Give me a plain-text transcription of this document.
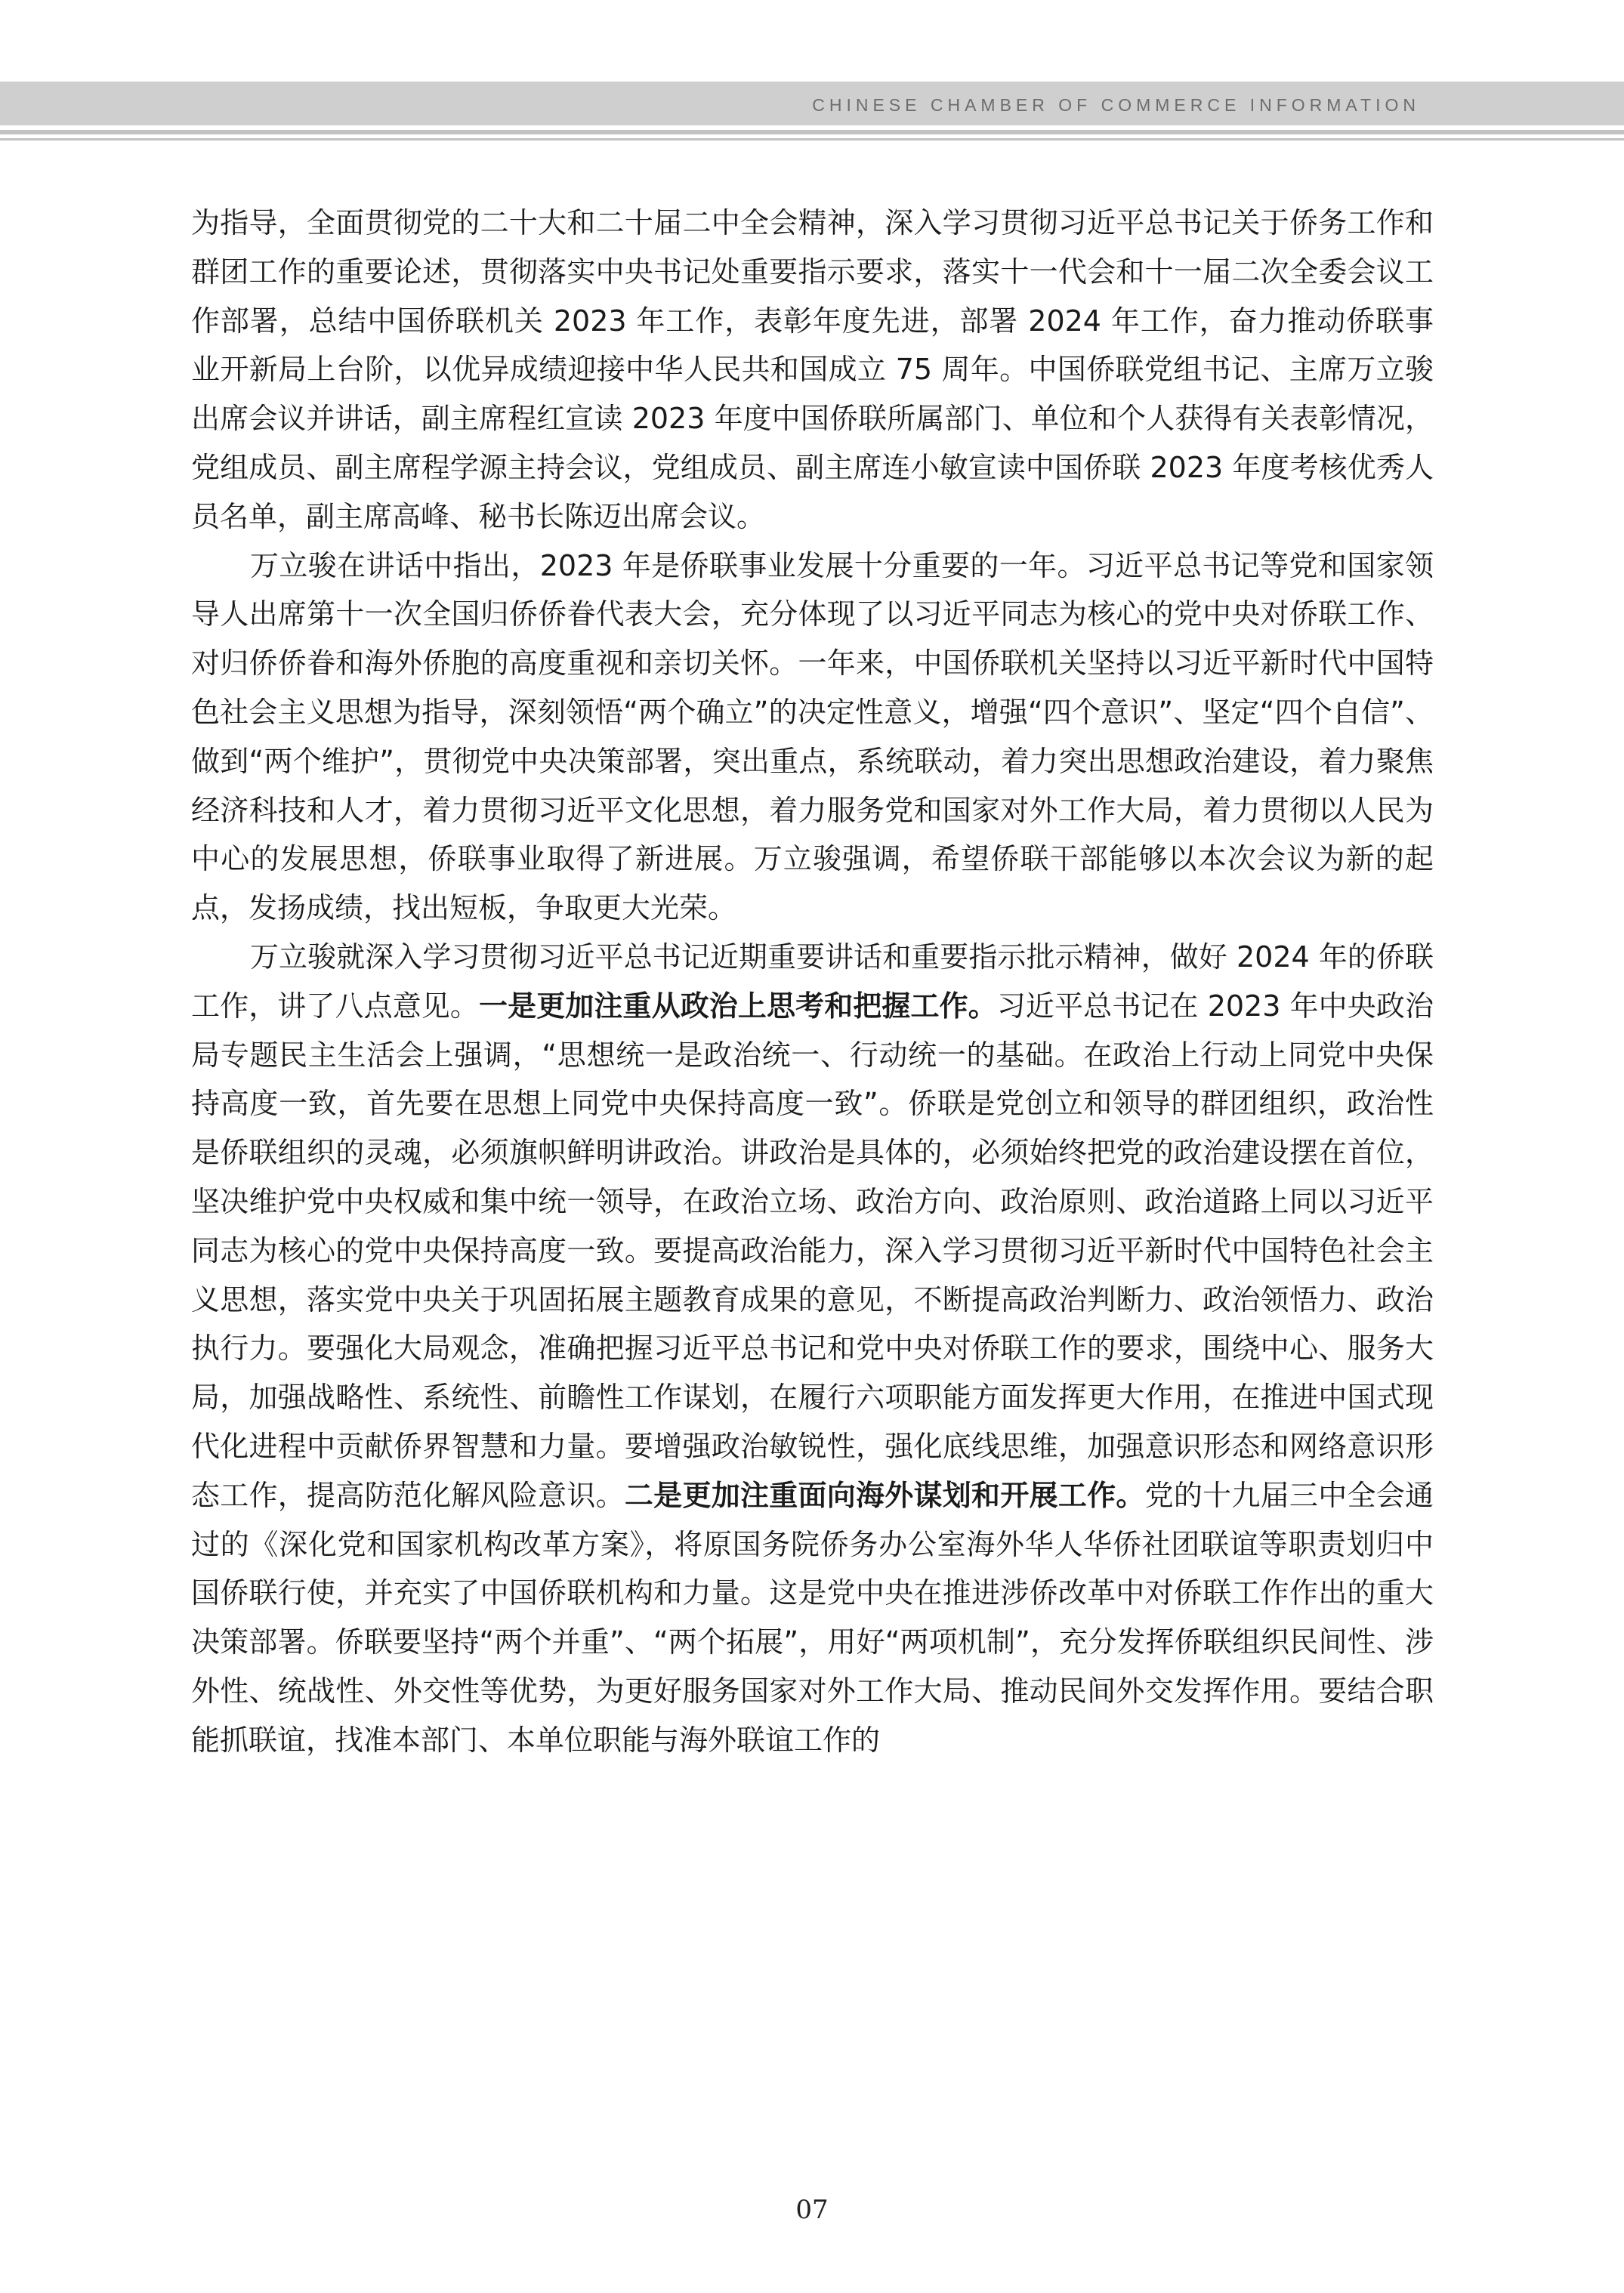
CHINESE CHAMBER OF COMMERCE INFORMATION

为指导，全面贯彻党的二十大和二十届二中全会精神，深入学习贯彻习近平总书记关于侨务工作和群团工作的重要论述，贯彻落实中央书记处重要指示要求，落实十一代会和十一届二次全委会议工作部署，总结中国侨联机关 2023 年工作，表彰年度先进，部署 2024 年工作，奋力推动侨联事业开新局上台阶，以优异成绩迎接中华人民共和国成立 75 周年。中国侨联党组书记、主席万立骏出席会议并讲话，副主席程红宣读 2023 年度中国侨联所属部门、单位和个人获得有关表彰情况，党组成员、副主席程学源主持会议，党组成员、副主席连小敏宣读中国侨联 2023 年度考核优秀人员名单，副主席高峰、秘书长陈迈出席会议。

万立骏在讲话中指出，2023 年是侨联事业发展十分重要的一年。习近平总书记等党和国家领导人出席第十一次全国归侨侨眷代表大会，充分体现了以习近平同志为核心的党中央对侨联工作、对归侨侨眷和海外侨胞的高度重视和亲切关怀。一年来，中国侨联机关坚持以习近平新时代中国特色社会主义思想为指导，深刻领悟“两个确立”的决定性意义，增强“四个意识”、坚定“四个自信”、做到“两个维护”，贯彻党中央决策部署，突出重点，系统联动，着力突出思想政治建设，着力聚焦经济科技和人才，着力贯彻习近平文化思想，着力服务党和国家对外工作大局，着力贯彻以人民为中心的发展思想，侨联事业取得了新进展。万立骏强调，希望侨联干部能够以本次会议为新的起点，发扬成绩，找出短板，争取更大光荣。

万立骏就深入学习贯彻习近平总书记近期重要讲话和重要指示批示精神，做好 2024 年的侨联工作，讲了八点意见。一是更加注重从政治上思考和把握工作。习近平总书记在 2023 年中央政治局专题民主生活会上强调，“思想统一是政治统一、行动统一的基础。在政治上行动上同党中央保持高度一致，首先要在思想上同党中央保持高度一致”。侨联是党创立和领导的群团组织，政治性是侨联组织的灵魂，必须旗帜鲜明讲政治。讲政治是具体的，必须始终把党的政治建设摆在首位，坚决维护党中央权威和集中统一领导，在政治立场、政治方向、政治原则、政治道路上同以习近平同志为核心的党中央保持高度一致。要提高政治能力，深入学习贯彻习近平新时代中国特色社会主义思想，落实党中央关于巩固拓展主题教育成果的意见，不断提高政治判断力、政治领悟力、政治执行力。要强化大局观念，准确把握习近平总书记和党中央对侨联工作的要求，围绕中心、服务大局，加强战略性、系统性、前瞻性工作谋划，在履行六项职能方面发挥更大作用，在推进中国式现代化进程中贡献侨界智慧和力量。要增强政治敏锐性，强化底线思维，加强意识形态和网络意识形态工作，提高防范化解风险意识。二是更加注重面向海外谋划和开展工作。党的十九届三中全会通过的《深化党和国家机构改革方案》，将原国务院侨务办公室海外华人华侨社团联谊等职责划归中国侨联行使，并充实了中国侨联机构和力量。这是党中央在推进涉侨改革中对侨联工作作出的重大决策部署。侨联要坚持“两个并重”、“两个拓展”，用好“两项机制”，充分发挥侨联组织民间性、涉外性、统战性、外交性等优势，为更好服务国家对外工作大局、推动民间外交发挥作用。要结合职能抓联谊，找准本部门、本单位职能与海外联谊工作的

07
